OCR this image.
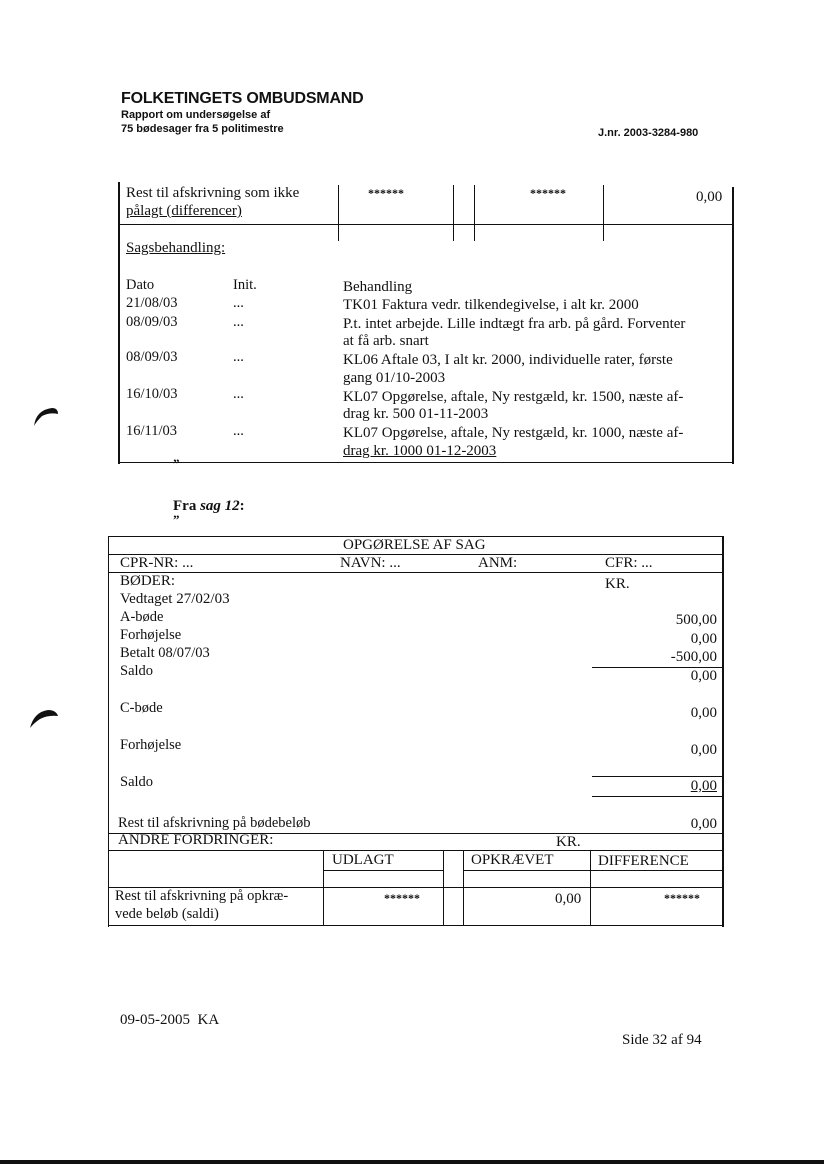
FOLKETINGETS OMBUDSMAND
Rapport om undersøgelse af
75 bødesager fra 5 politimestre	J.nr. 2003-3284-980
Rest til afskrivning som ikke
pålagt (differencer)
******	******	0,00
Sagsbehandling:
Dato	Init.	Behandling
21/08/03	...	TK01 Faktura vedr. tilkendegivelse, i alt kr. 2000
08/09/03	...	P.t. intet arbejde. Lille indtægt fra arb. på gård. Forventer
at få arb. snart
08/09/03	...	KL06 Aftale 03, I alt kr. 2000, individuelle rater, første
gang 01/10-2003
16/10/03	...	KL07 Opgørelse, aftale, Ny restgæld, kr. 1500, næste af-
drag kr. 500 01-11-2003
16/11/03	...	KL07 Opgørelse, aftale, Ny restgæld, kr. 1000, næste af-
drag kr. 1000 01-12-2003
”
Fra sag 12:
”
OPGØRELSE AF SAG
CPR-NR: ...	NAVN: ...	ANM:	CFR: ...
BØDER:	KR.
Vedtaget 27/02/03
A-bøde	500,00
Forhøjelse	0,00
Betalt 08/07/03	-500,00
Saldo	0,00
C-bøde	0,00
Forhøjelse	0,00
Saldo	0,00
Rest til afskrivning på bødebeløb	0,00
ANDRE FORDRINGER:	KR.
UDLAGT	OPKRÆVET	DIFFERENCE
Rest til afskrivning på opkræ-
vede beløb (saldi)
******	0,00	******
09-05-2005  KA
Side 32 af 94
